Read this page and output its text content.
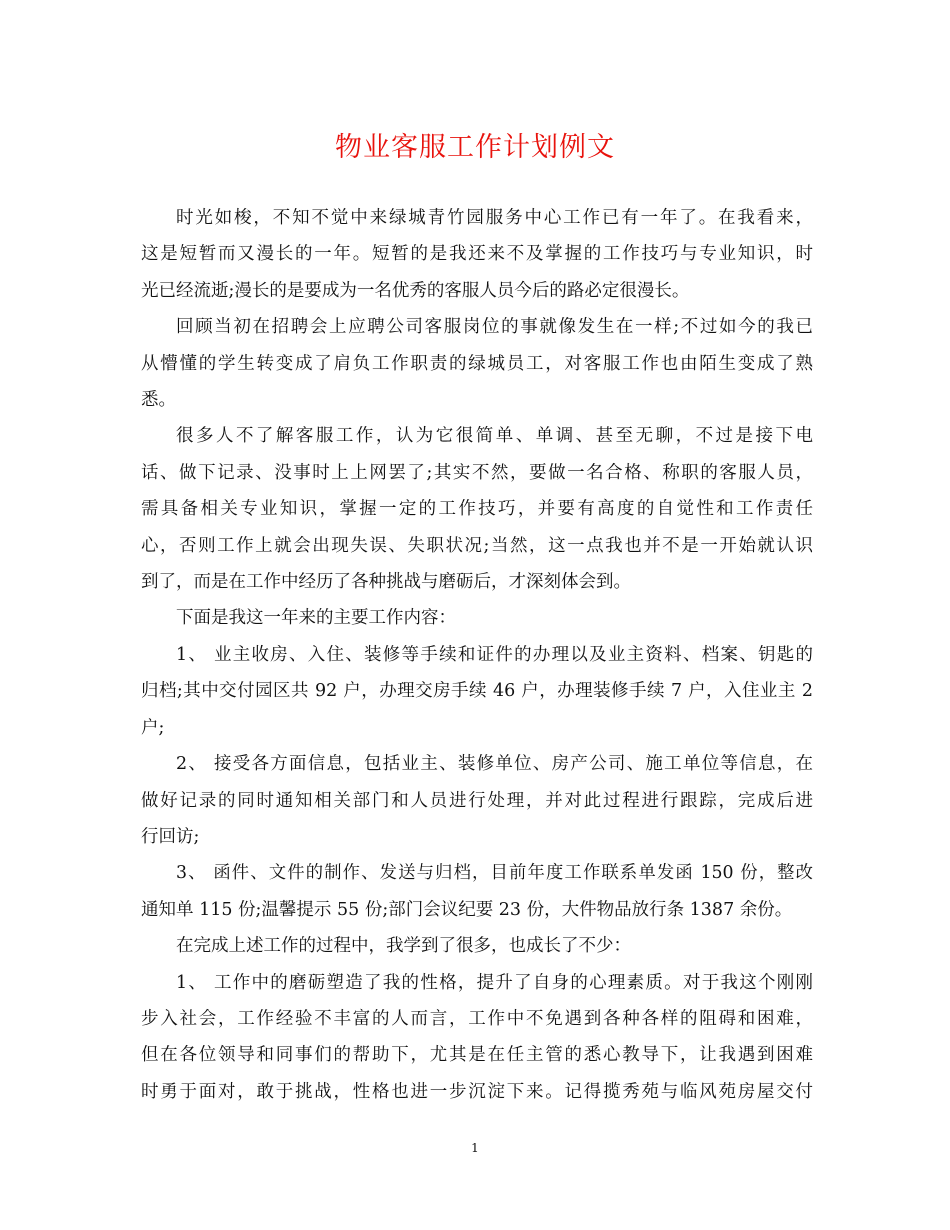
物业客服工作计划例文
时光如梭，不知不觉中来绿城青竹园服务中心工作已有一年了。在我看来，
这是短暂而又漫长的一年。短暂的是我还来不及掌握的工作技巧与专业知识，时
光已经流逝;漫长的是要成为一名优秀的客服人员今后的路必定很漫长。
回顾当初在招聘会上应聘公司客服岗位的事就像发生在一样;不过如今的我已
从懵懂的学生转变成了肩负工作职责的绿城员工，对客服工作也由陌生变成了熟
悉。
很多人不了解客服工作，认为它很简单、单调、甚至无聊，不过是接下电
话、做下记录、没事时上上网罢了;其实不然，要做一名合格、称职的客服人员，
需具备相关专业知识，掌握一定的工作技巧，并要有高度的自觉性和工作责任
心，否则工作上就会出现失误、失职状况;当然，这一点我也并不是一开始就认识
到了，而是在工作中经历了各种挑战与磨砺后，才深刻体会到。
下面是我这一年来的主要工作内容：
1、 业主收房、入住、装修等手续和证件的办理以及业主资料、档案、钥匙的
归档;其中交付园区共 92 户，办理交房手续 46 户，办理装修手续 7 户，入住业主 2
户;
2、 接受各方面信息，包括业主、装修单位、房产公司、施工单位等信息，在
做好记录的同时通知相关部门和人员进行处理，并对此过程进行跟踪，完成后进
行回访;
3、 函件、文件的制作、发送与归档，目前年度工作联系单发函 150 份，整改
通知单 115 份;温馨提示 55 份;部门会议纪要 23 份，大件物品放行条 1387 余份。
在完成上述工作的过程中，我学到了很多，也成长了不少：
1、 工作中的磨砺塑造了我的性格，提升了自身的心理素质。对于我这个刚刚
步入社会，工作经验不丰富的人而言，工作中不免遇到各种各样的阻碍和困难，
但在各位领导和同事们的帮助下，尤其是在任主管的悉心教导下，让我遇到困难
时勇于面对，敢于挑战，性格也进一步沉淀下来。记得揽秀苑与临风苑房屋交付

1
